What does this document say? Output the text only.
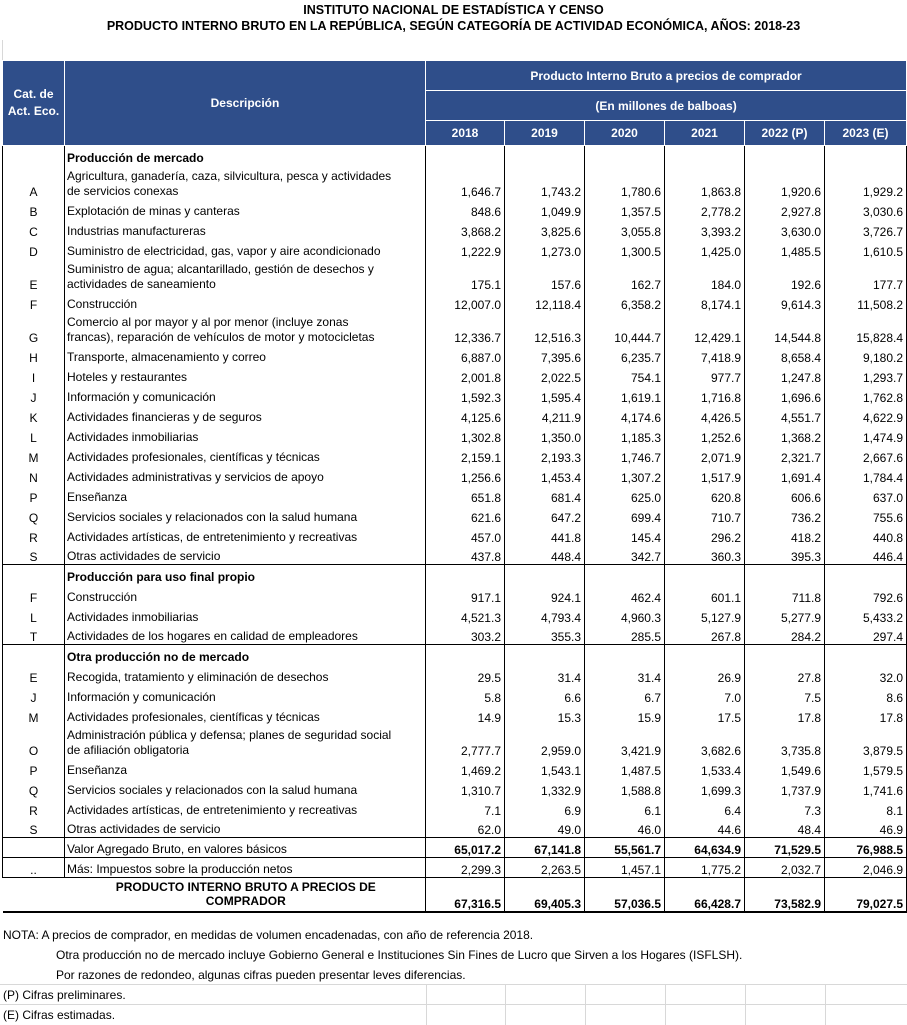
INSTITUTO NACIONAL DE ESTADÍSTICA Y CENSO
PRODUCTO INTERNO BRUTO EN LA REPÚBLICA, SEGÚN CATEGORÍA DE ACTIVIDAD ECONÓMICA, AÑOS: 2018-23
Cat. de
Act. Eco.	Descripción	Producto Interno Bruto a precios de comprador					
		(En millones de balboas)					
		2018	2019	2020	2021	2022 (P)	2023 (E)
	Producción de mercado						
A	Agricultura, ganadería, caza, silvicultura, pesca y actividades
de servicios conexas	1,646.7	1,743.2	1,780.6	1,863.8	1,920.6	1,929.2
B	Explotación de minas y canteras	848.6	1,049.9	1,357.5	2,778.2	2,927.8	3,030.6
C	Industrias manufactureras	3,868.2	3,825.6	3,055.8	3,393.2	3,630.0	3,726.7
D	Suministro de electricidad, gas, vapor y aire acondicionado	1,222.9	1,273.0	1,300.5	1,425.0	1,485.5	1,610.5
E	Suministro de agua; alcantarillado, gestión de desechos y
actividades de saneamiento	175.1	157.6	162.7	184.0	192.6	177.7
F	Construcción	12,007.0	12,118.4	6,358.2	8,174.1	9,614.3	11,508.2
G	Comercio al por mayor y al por menor (incluye zonas
francas), reparación de vehículos de motor y motocicletas	12,336.7	12,516.3	10,444.7	12,429.1	14,544.8	15,828.4
H	Transporte, almacenamiento y correo	6,887.0	7,395.6	6,235.7	7,418.9	8,658.4	9,180.2
I	Hoteles y restaurantes	2,001.8	2,022.5	754.1	977.7	1,247.8	1,293.7
J	Información y comunicación	1,592.3	1,595.4	1,619.1	1,716.8	1,696.6	1,762.8
K	Actividades financieras y de seguros	4,125.6	4,211.9	4,174.6	4,426.5	4,551.7	4,622.9
L	Actividades inmobiliarias	1,302.8	1,350.0	1,185.3	1,252.6	1,368.2	1,474.9
M	Actividades profesionales, científicas y técnicas	2,159.1	2,193.3	1,746.7	2,071.9	2,321.7	2,667.6
N	Actividades administrativas y servicios de apoyo	1,256.6	1,453.4	1,307.2	1,517.9	1,691.4	1,784.4
P	Enseñanza	651.8	681.4	625.0	620.8	606.6	637.0
Q	Servicios sociales y relacionados con la salud humana	621.6	647.2	699.4	710.7	736.2	755.6
R	Actividades artísticas, de entretenimiento y recreativas	457.0	441.8	145.4	296.2	418.2	440.8
S	Otras actividades de servicio	437.8	448.4	342.7	360.3	395.3	446.4
	Producción para uso final propio						
F	Construcción	917.1	924.1	462.4	601.1	711.8	792.6
L	Actividades inmobiliarias	4,521.3	4,793.4	4,960.3	5,127.9	5,277.9	5,433.2
T	Actividades de los hogares en calidad de empleadores	303.2	355.3	285.5	267.8	284.2	297.4
	Otra producción no de mercado						
E	Recogida, tratamiento y eliminación de desechos	29.5	31.4	31.4	26.9	27.8	32.0
J	Información y comunicación	5.8	6.6	6.7	7.0	7.5	8.6
M	Actividades profesionales, científicas y técnicas	14.9	15.3	15.9	17.5	17.8	17.8
O	Administración pública y defensa; planes de seguridad social
de afiliación obligatoria	2,777.7	2,959.0	3,421.9	3,682.6	3,735.8	3,879.5
P	Enseñanza	1,469.2	1,543.1	1,487.5	1,533.4	1,549.6	1,579.5
Q	Servicios sociales y relacionados con la salud humana	1,310.7	1,332.9	1,588.8	1,699.3	1,737.9	1,741.6
R	Actividades artísticas, de entretenimiento y recreativas	7.1	6.9	6.1	6.4	7.3	8.1
S	Otras actividades de servicio	62.0	49.0	46.0	44.6	48.4	46.9
	Valor Agregado Bruto, en valores básicos	65,017.2	67,141.8	55,561.7	64,634.9	71,529.5	76,988.5
..	Más: Impuestos sobre la producción netos	2,299.3	2,263.5	1,457.1	1,775.2	2,032.7	2,046.9

	PRODUCTO INTERNO BRUTO A PRECIOS DE
COMPRADOR	67,316.5	69,405.3	57,036.5	66,428.7	73,582.9	79,027.5
NOTA: A precios de comprador, en medidas de volumen encadenadas, con año de referencia 2018.
Otra producción no de mercado incluye Gobierno General e Instituciones Sin Fines de Lucro que Sirven a los Hogares (ISFLSH).
Por razones de redondeo, algunas cifras pueden presentar leves diferencias.
(P) Cifras preliminares.
(E) Cifras estimadas.
